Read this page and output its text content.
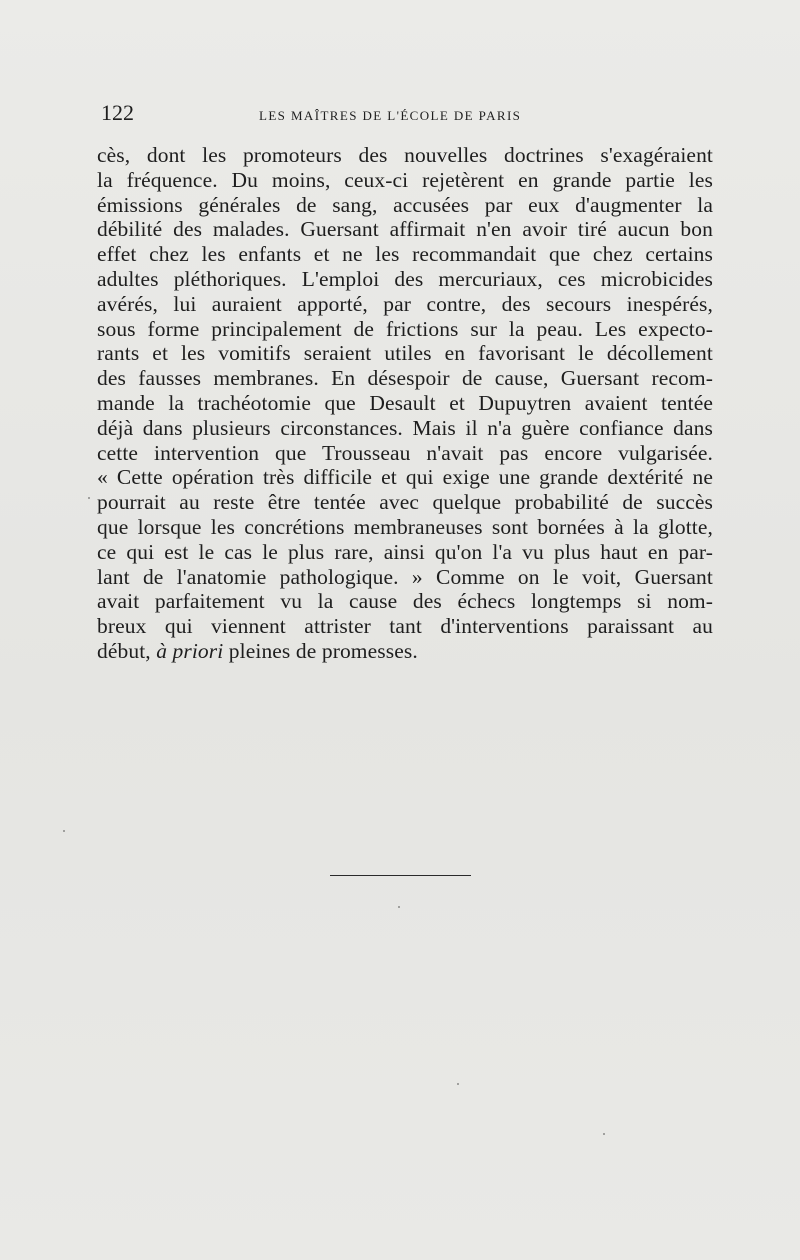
122	LES MAÎTRES DE L'ÉCOLE DE PARIS
cès, dont les promoteurs des nouvelles doctrines s'exagéraient
la fréquence. Du moins, ceux-ci rejetèrent en grande partie les
émissions générales de sang, accusées par eux d'augmenter la
débilité des malades. Guersant affirmait n'en avoir tiré aucun bon
effet chez les enfants et ne les recommandait que chez certains
adultes pléthoriques. L'emploi des mercuriaux, ces microbicides
avérés, lui auraient apporté, par contre, des secours inespérés,
sous forme principalement de frictions sur la peau. Les expecto-
rants et les vomitifs seraient utiles en favorisant le décollement
des fausses membranes. En désespoir de cause, Guersant recom-
mande la trachéotomie que Desault et Dupuytren avaient tentée
déjà dans plusieurs circonstances. Mais il n'a guère confiance dans
cette intervention que Trousseau n'avait pas encore vulgarisée.
« Cette opération très difficile et qui exige une grande dextérité ne
pourrait au reste être tentée avec quelque probabilité de succès
que lorsque les concrétions membraneuses sont bornées à la glotte,
ce qui est le cas le plus rare, ainsi qu'on l'a vu plus haut en par-
lant de l'anatomie pathologique. » Comme on le voit, Guersant
avait parfaitement vu la cause des échecs longtemps si nom-
breux qui viennent attrister tant d'interventions paraissant au
début, à priori pleines de promesses.
